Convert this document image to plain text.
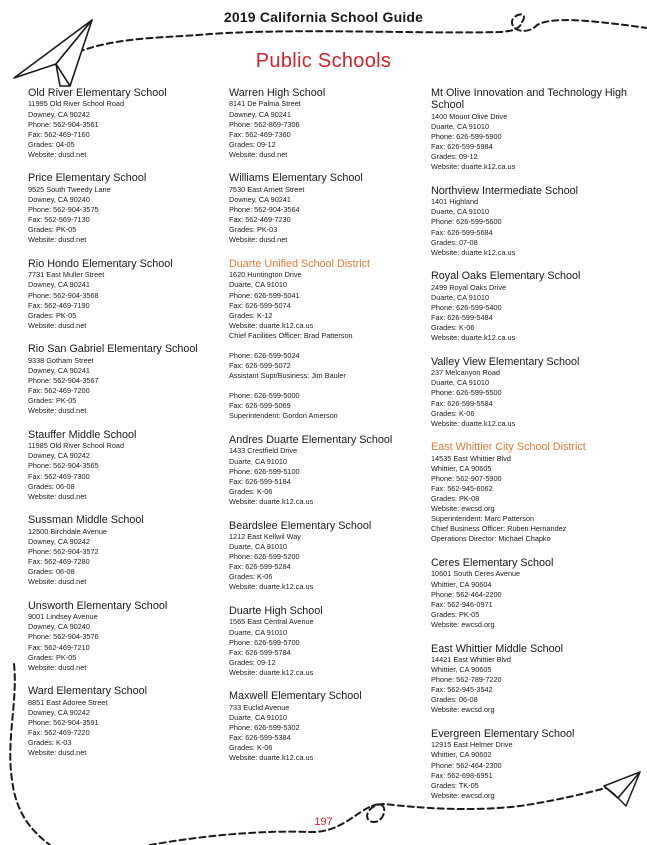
2019 California School Guide
Public Schools
Old River Elementary School
11995 Old River School Road
Downey, CA 90242
Phone: 562-904-3561
Fax: 562-469-7160
Grades: 04-05
Website: dusd.net
Price Elementary School
9525 South Tweedy Lane
Downey, CA 90240
Phone: 562-904-3575
Fax: 562-569-7130
Grades: PK-05
Website: dusd.net
Rio Hondo Elementary School
7731 East Muller Street
Downey, CA 90241
Phone: 562-904-3568
Fax: 562-469-7190
Grades: PK-05
Website: dusd.net
Rio San Gabriel Elementary School
9338 Gotham Street
Downey, CA 90241
Phone: 562-904-3567
Fax: 562-469-7200
Grades: PK-05
Website: dusd.net
Stauffer Middle School
11985 Old River School Road
Downey, CA 90242
Phone: 562-904-3565
Fax: 562-469-7300
Grades: 06-08
Website: dusd.net
Sussman Middle School
12500 Birchdale Avenue
Downey, CA 90242
Phone: 562-904-3572
Fax: 562-469-7280
Grades: 06-08
Website: dusd.net
Unsworth Elementary School
9001 Lindsey Avenue
Downey, CA 90240
Phone: 562-904-3576
Fax: 562-469-7210
Grades: PK-05
Website: dusd.net
Ward Elementary School
8851 East Adoree Street
Downey, CA 90242
Phone: 562-904-3591
Fax: 562-469-7220
Grades: K-03
Website: dusd.net
Warren High School
8141 De Palma Street
Downey, CA 90241
Phone: 562-869-7306
Fax: 562-469-7360
Grades: 09-12
Website: dusd.net
Williams Elementary School
7530 East Arnett Street
Downey, CA 90241
Phone: 562-904-3564
Fax: 562-469-7230
Grades: PK-03
Website: dusd.net
Duarte Unified School District
1620 Huntington Drive
Duarte, CA 91010
Phone: 626-599-5041
Fax: 626-599-5074
Grades: K-12
Website: duarte.k12.ca.us
Chief Facilities Officer: Brad Patterson
Phone: 626-599-5024
Fax: 626-599-5072
Assistant Supt/Business: Jim Bauler
Phone: 626-599-5000
Fax: 626-599-5069
Superintendent: Gordon Amerson
Andres Duarte Elementary School
1433 Crestfield Drive
Duarte, CA 91010
Phone: 626-599-5100
Fax: 626-599-5184
Grades: K-06
Website: duarte.k12.ca.us
Beardslee Elementary School
1212 East Kellwil Way
Duarte, CA 91010
Phone: 626-599-5200
Fax: 626-599-5284
Grades: K-06
Website: duarte.k12.ca.us
Duarte High School
1565 East Central Avenue
Duarte, CA 91010
Phone: 626-599-5700
Fax: 626-599-5784
Grades: 09-12
Website: duarte.k12.ca.us
Maxwell Elementary School
733 Euclid Avenue
Duarte, CA 91010
Phone: 626-599-5302
Fax: 626-599-5384
Grades: K-06
Website: duarte.k12.ca.us
Mt Olive Innovation and Technology High School
1400 Mount Olive Drive
Duarte, CA 91010
Phone: 626-599-5900
Fax: 626-599-5984
Grades: 09-12
Website: duarte.k12.ca.us
Northview Intermediate School
1401 Highland
Duarte, CA 91010
Phone: 626-599-5600
Fax: 626-599-5684
Grades: 07-08
Website: duarte.k12.ca.us
Royal Oaks Elementary School
2499 Royal Oaks Drive
Duarte, CA 91010
Phone: 626-599-5400
Fax: 626-599-5484
Grades: K-06
Website: duarte.k12.ca.us
Valley View Elementary School
237 Melcanyon Road
Duarte, CA 91010
Phone: 626-599-5500
Fax: 626-599-5584
Grades: K-06
Website: duarte.k12.ca.us
East Whittier City School District
14535 East Whittier Blvd
Whittier, CA 90605
Phone: 562-907-5900
Fax: 562-945-6062
Grades: PK-08
Website: ewcsd.org
Superintendent: Marc Patterson
Chief Business Officer: Ruben Hernandez
Operations Director: Michael Chapko
Ceres Elementary School
10601 South Ceres Avenue
Whittier, CA 90604
Phone: 562-464-2200
Fax: 562-946-0971
Grades: PK-05
Website: ewcsd.org
East Whittier Middle School
14421 East Whittier Blvd
Whittier, CA 90605
Phone: 562-789-7220
Fax: 562-945-3542
Grades: 06-08
Website: ewcsd.org
Evergreen Elementary School
12915 East Helmer Drive
Whittier, CA 90602
Phone: 562-464-2300
Fax: 562-698-6951
Grades: TK-05
Website: ewcsd.org
197
